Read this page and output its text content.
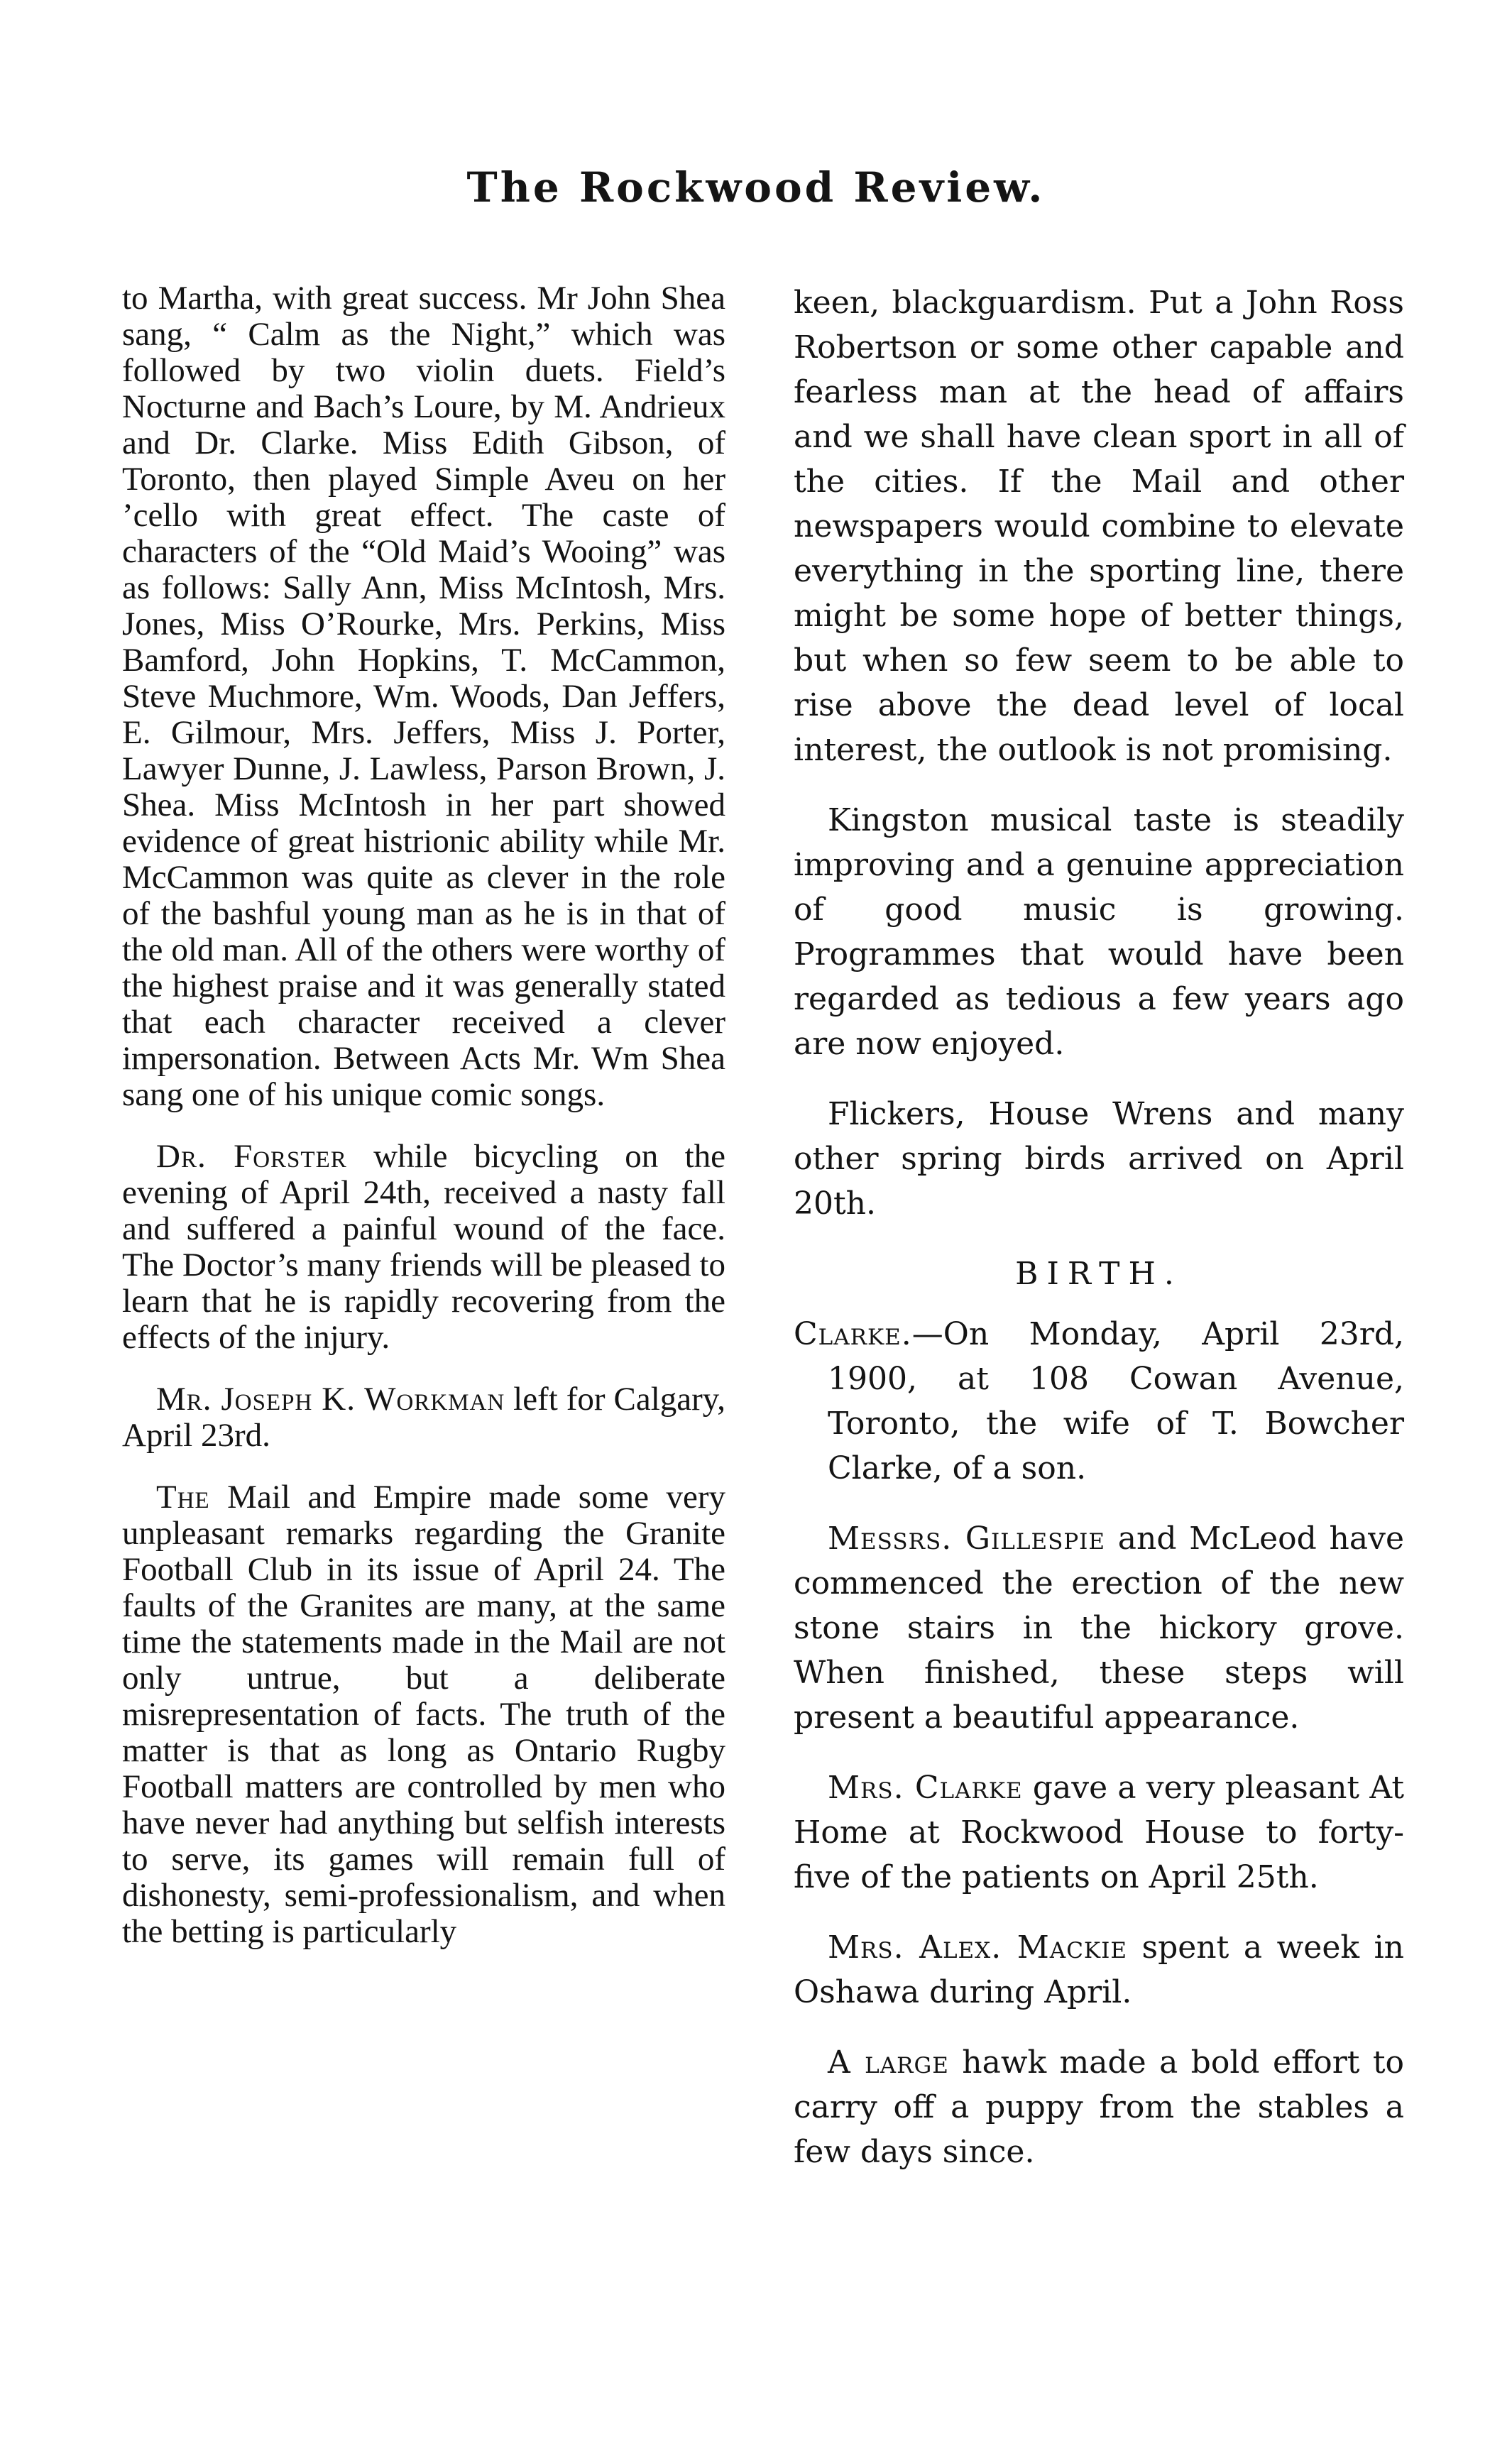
The Rockwood Review.

to Martha, with great success. Mr John Shea sang, “ Calm as the Night,” which was followed by two violin duets. Field’s Nocturne and Bach’s Loure, by M. Andrieux and Dr. Clarke. Miss Edith Gibson, of Toronto, then played Simple Aveu on her ’cello with great effect. The caste of characters of the “Old Maid’s Wooing” was as follows: Sally Ann, Miss McIntosh, Mrs. Jones, Miss O’Rourke, Mrs. Perkins, Miss Bamford, John Hopkins, T. McCammon, Steve Muchmore, Wm. Woods, Dan Jeffers, E. Gilmour, Mrs. Jeffers, Miss J. Porter, Lawyer Dunne, J. Lawless, Parson Brown, J. Shea. Miss McIntosh in her part showed evidence of great histrionic ability while Mr. McCammon was quite as clever in the role of the bashful young man as he is in that of the old man. All of the others were worthy of the highest praise and it was generally stated that each character received a clever impersonation. Between Acts Mr. Wm Shea sang one of his unique comic songs.

Dr. Forster while bicycling on the evening of April 24th, received a nasty fall and suffered a painful wound of the face. The Doctor’s many friends will be pleased to learn that he is rapidly recovering from the effects of the injury.

Mr. Joseph K. Workman left for Calgary, April 23rd.

The Mail and Empire made some very unpleasant remarks regarding the Granite Football Club in its issue of April 24. The faults of the Granites are many, at the same time the statements made in the Mail are not only untrue, but a deliberate misrepresentation of facts. The truth of the matter is that as long as Ontario Rugby Football matters are controlled by men who have never had anything but selfish interests to serve, its games will remain full of dishonesty, semi-professionalism, and when the betting is particularly

keen, blackguardism. Put a John Ross Robertson or some other capable and fearless man at the head of affairs and we shall have clean sport in all of the cities. If the Mail and other newspapers would combine to elevate everything in the sporting line, there might be some hope of better things, but when so few seem to be able to rise above the dead level of local interest, the outlook is not promising.

Kingston musical taste is steadily improving and a genuine appreciation of good music is growing. Programmes that would have been regarded as tedious a few years ago are now enjoyed.

Flickers, House Wrens and many other spring birds arrived on April 20th.

BIRTH.

Clarke.—On Monday, April 23rd, 1900, at 108 Cowan Avenue, Toronto, the wife of T. Bowcher Clarke, of a son.

Messrs. Gillespie and McLeod have commenced the erection of the new stone stairs in the hickory grove. When finished, these steps will present a beautiful appearance.

Mrs. Clarke gave a very pleasant At Home at Rockwood House to forty-five of the patients on April 25th.

Mrs. Alex. Mackie spent a week in Oshawa during April.

A large hawk made a bold effort to carry off a puppy from the stables a few days since.
